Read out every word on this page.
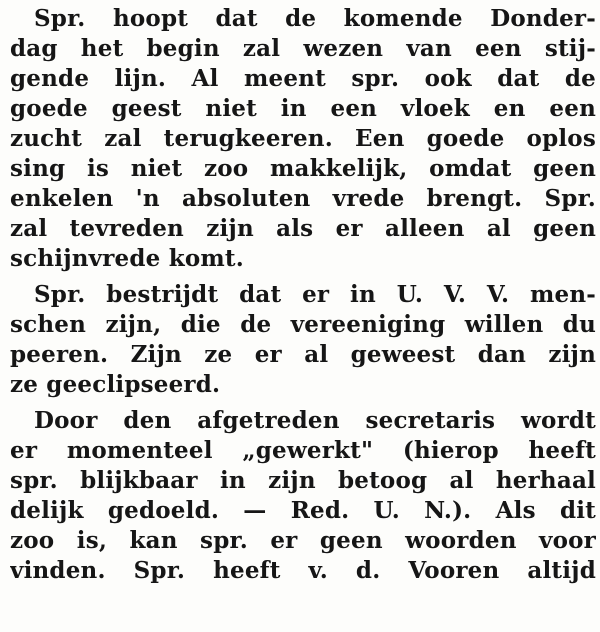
Spr. hoopt dat de komende Donder-
dag het begin zal wezen van een stij-
gende lijn. Al meent spr. ook dat de
goede geest niet in een vloek en een
zucht zal terugkeeren. Een goede oplos
sing is niet zoo makkelijk, omdat geen
enkelen 'n absoluten vrede brengt. Spr.
zal tevreden zijn als er alleen al geen
schijnvrede komt.
Spr. bestrijdt dat er in U. V. V. men-
schen zijn, die de vereeniging willen du
peeren. Zijn ze er al geweest dan zijn
ze geeclipseerd.
Door den afgetreden secretaris wordt
er momenteel „gewerkt" (hierop heeft
spr. blijkbaar in zijn betoog al herhaal
delijk gedoeld. — Red. U. N.). Als dit
zoo is, kan spr. er geen woorden voor
vinden. Spr. heeft v. d. Vooren altijd
